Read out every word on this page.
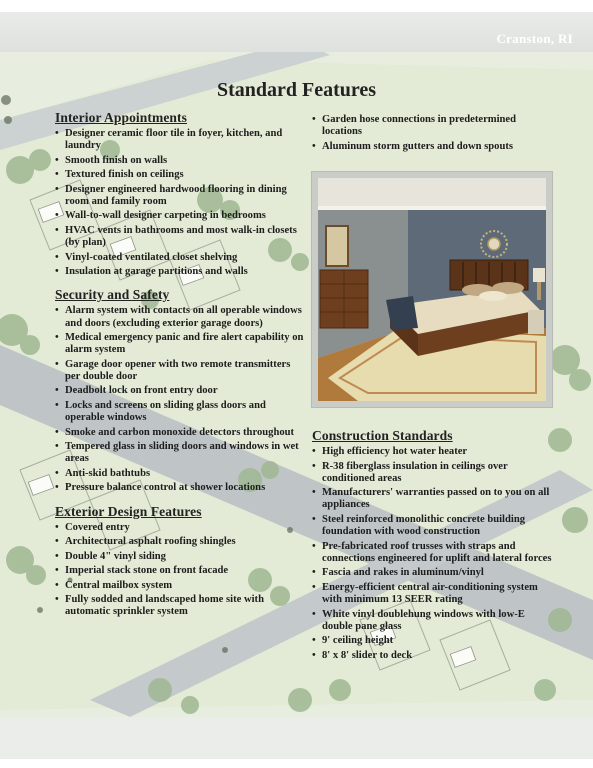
Cranston, RI
Standard Features
Interior Appointments
• Designer ceramic floor tile in foyer, kitchen, and laundry
• Smooth finish on walls
• Textured finish on ceilings
• Designer engineered hardwood flooring in dining room and family room
• Wall-to-wall designer carpeting in bedrooms
• HVAC vents in bathrooms and most walk-in closets (by plan)
• Vinyl-coated ventilated closet shelving
• Insulation at garage partitions and walls
Security and Safety
• Alarm system with contacts on all operable windows and doors (excluding exterior garage doors)
• Medical emergency panic and fire alert capability on alarm system
• Garage door opener with two remote transmitters per double door
• Deadbolt lock on front entry door
• Locks and screens on sliding glass doors and operable windows
• Smoke and carbon monoxide detectors throughout
• Tempered glass in sliding doors and windows in wet areas
• Anti-skid bathtubs
• Pressure balance control at shower locations
Exterior Design Features
• Covered entry
• Architectural asphalt roofing shingles
• Double 4" vinyl siding
• Imperial stack stone on front facade
• Central mailbox system
• Fully sodded and landscaped home site with automatic sprinkler system
• Garden hose connections in predetermined locations
• Aluminum storm gutters and down spouts
Construction Standards
• High efficiency hot water heater
• R-38 fiberglass insulation in ceilings over conditioned areas
• Manufacturers' warranties passed on to you on all appliances
• Steel reinforced monolithic concrete building foundation with wood construction
• Pre-fabricated roof trusses with straps and connections engineered for uplift and lateral forces
• Fascia and rakes in aluminum/vinyl
• Energy-efficient central air-conditioning system with minimum 13 SEER rating
• White vinyl doublehung windows with low-E double pane glass
• 9' ceiling height
• 8' x 8' slider to deck
